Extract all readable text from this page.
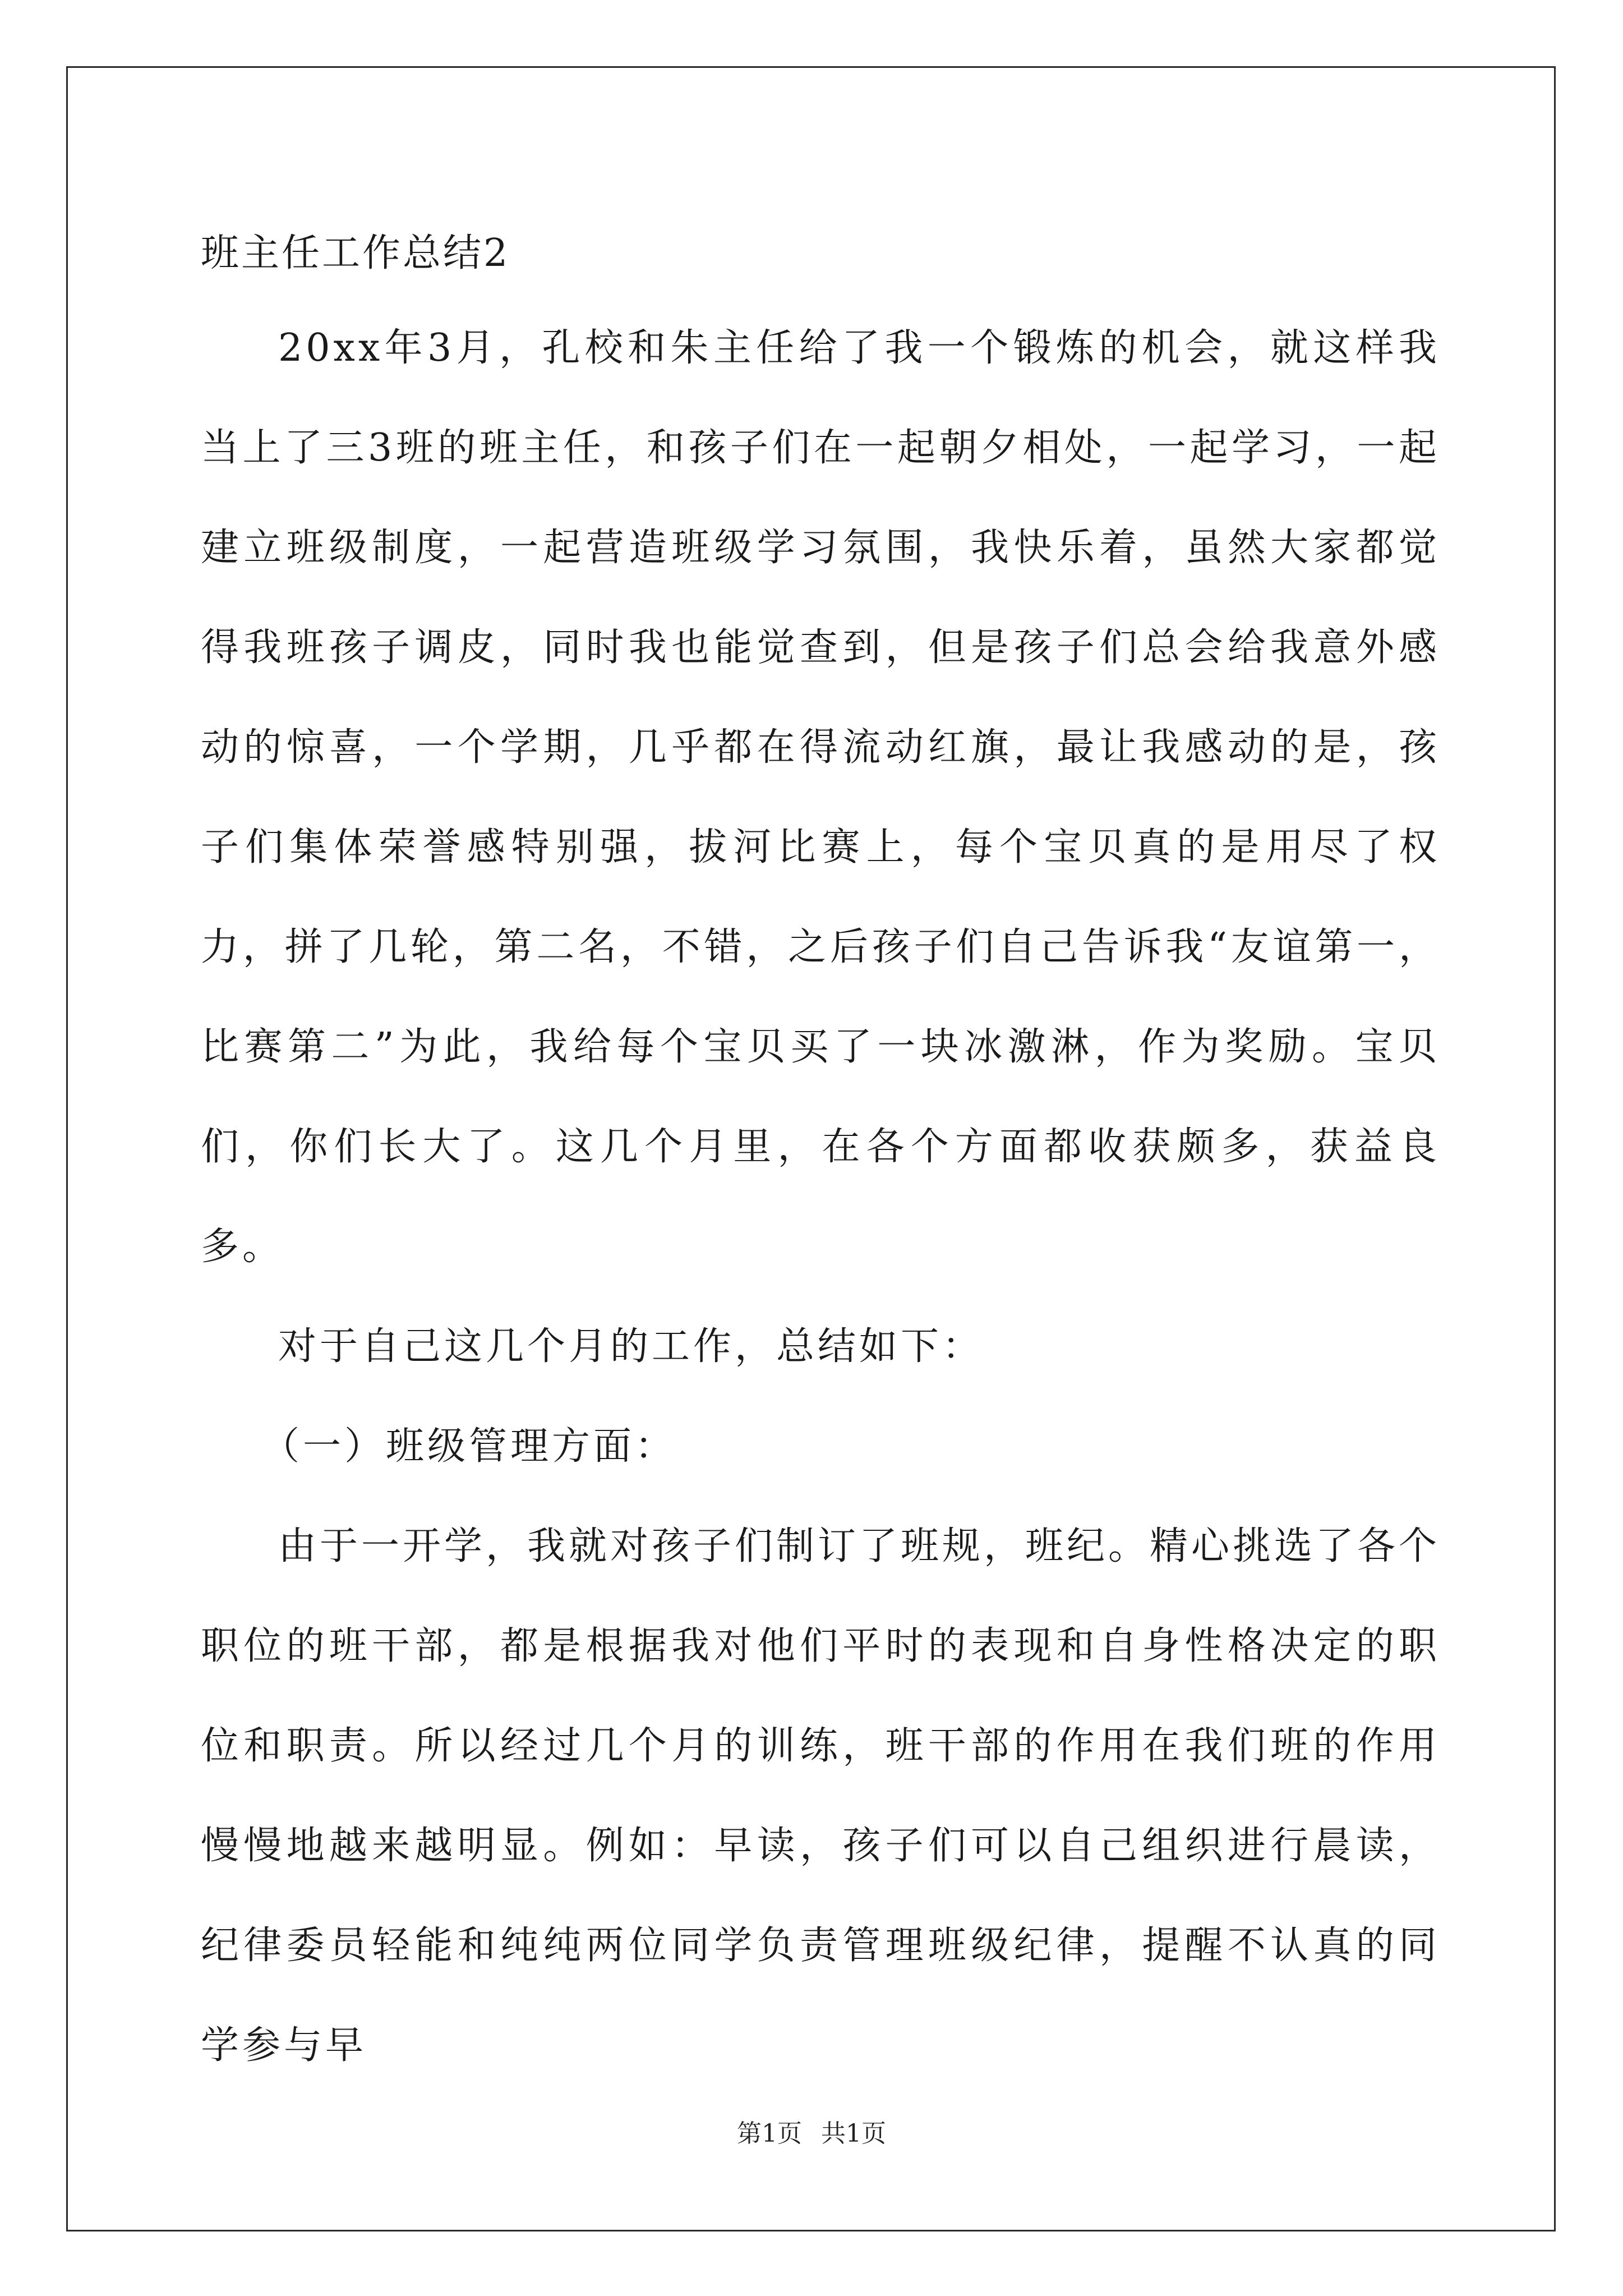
班主任工作总结2

20xx年3月，孔校和朱主任给了我一个锻炼的机会，就这样我当上了三3班的班主任，和孩子们在一起朝夕相处，一起学习，一起建立班级制度，一起营造班级学习氛围，我快乐着，虽然大家都觉得我班孩子调皮，同时我也能觉查到，但是孩子们总会给我意外感动的惊喜，一个学期，几乎都在得流动红旗，最让我感动的是，孩子们集体荣誉感特别强，拔河比赛上，每个宝贝真的是用尽了权力，拼了几轮，第二名，不错，之后孩子们自己告诉我“友谊第一，比赛第二”为此，我给每个宝贝买了一块冰激淋，作为奖励。宝贝们，你们长大了。这几个月里，在各个方面都收获颇多，获益良多。

对于自己这几个月的工作，总结如下：

（一）班级管理方面：

由于一开学，我就对孩子们制订了班规，班纪。精心挑选了各个职位的班干部，都是根据我对他们平时的表现和自身性格决定的职位和职责。所以经过几个月的训练，班干部的作用在我们班的作用慢慢地越来越明显。例如：早读，孩子们可以自己组织进行晨读，纪律委员轻能和纯纯两位同学负责管理班级纪律，提醒不认真的同学参与早

第1页 共1页
